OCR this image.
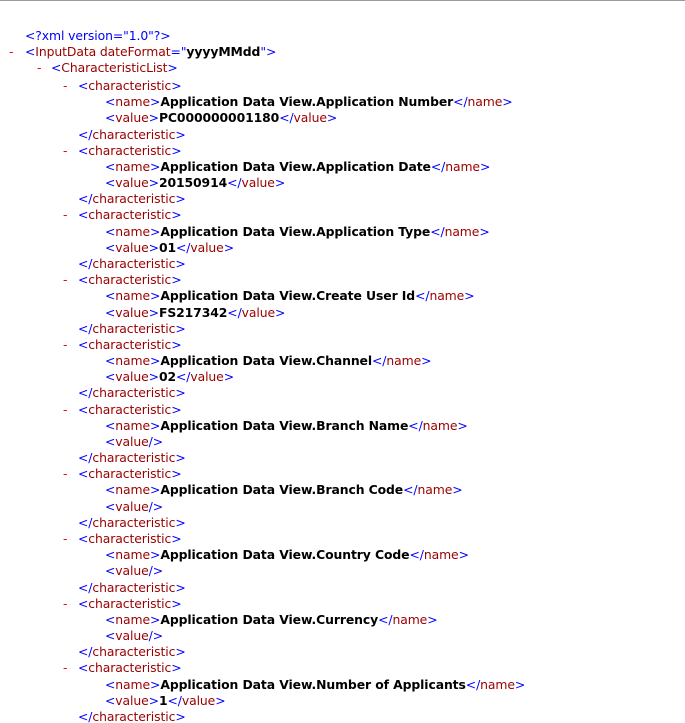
<?xml version="1.0"?>
- <InputData dateFormat="yyyyMMdd">
- <CharacteristicList>
- <characteristic>
<name>Application Data View.Application Number</name>
<value>PC000000001180</value>
</characteristic>
- <characteristic>
<name>Application Data View.Application Date</name>
<value>20150914</value>
</characteristic>
- <characteristic>
<name>Application Data View.Application Type</name>
<value>01</value>
</characteristic>
- <characteristic>
<name>Application Data View.Create User Id</name>
<value>FS217342</value>
</characteristic>
- <characteristic>
<name>Application Data View.Channel</name>
<value>02</value>
</characteristic>
- <characteristic>
<name>Application Data View.Branch Name</name>
<value/>
</characteristic>
- <characteristic>
<name>Application Data View.Branch Code</name>
<value/>
</characteristic>
- <characteristic>
<name>Application Data View.Country Code</name>
<value/>
</characteristic>
- <characteristic>
<name>Application Data View.Currency</name>
<value/>
</characteristic>
- <characteristic>
<name>Application Data View.Number of Applicants</name>
<value>1</value>
</characteristic>
